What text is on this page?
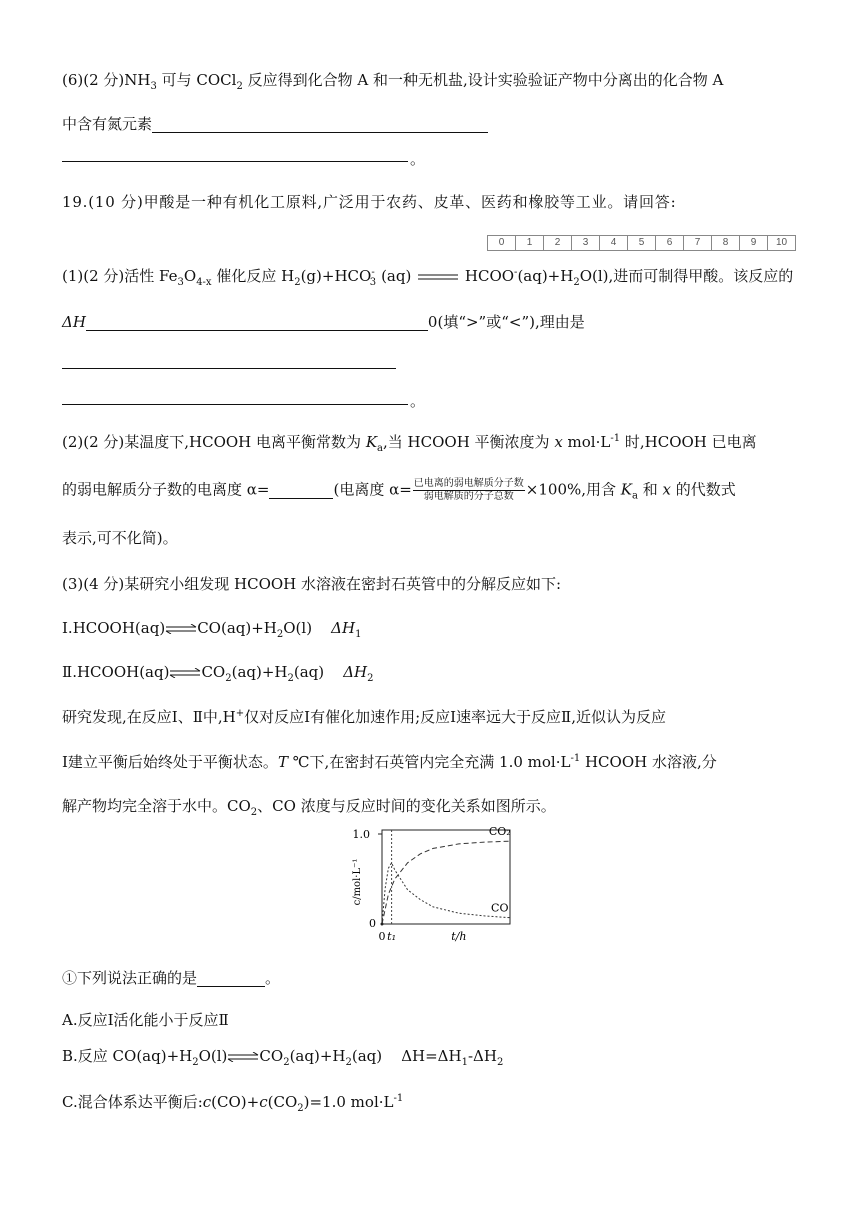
(6)(2 分)$NH_3$ 可与 COCl$_2$ 反应得到化合物 A 和一种无机盐,设计实验验证产物中分离出的化合物 A
中含有氮元素
。
19.(10 分)甲酸是一种有机化工原料,广泛用于农药、皮革、医药和橡胶等工业。请回答:
0	1	2	3	4	5	6	7	8	9	10
(1)(2 分)活性 $Fe_3O_{4-x}$ 催化反应 $H_2(g)+HCO^-_3$ (aq)	$HCOO^-(aq)+H_2O(l)$,进而可制得甲酸。该反应的
ΔH	0(填“>”或“<”),理由是
。
(2)(2 分)某温度下,HCOOH 电离平衡常数为 $K_a$,当 HCOOH 平衡浓度为 x $mol\cdot L^{-1}$ 时,HCOOH 已电离
的弱电解质分子数的电离度 α=	(电离度 $\alpha= \frac{\text{已电离的弱电解质分子数}}{\text{弱电解质的分子总数}} \times 100\%$,用含 $K_a$ 和 x 的代数式
表示,可不化简)。
(3)(4 分)某研究小组发现 HCOOH 水溶液在密封石英管中的分解反应如下:
$Ⅰ.HCOOH(aq)\rightleftharpoons CO(aq)+H_2O(l)$ $\Delta H_1$
$Ⅱ.HCOOH(aq)\rightleftharpoons CO_2(aq)+H_2(aq)$ $\Delta H_2$
研究发现,在反应Ⅰ、Ⅱ中,H+仅对反应Ⅰ有催化加速作用;反应Ⅰ速率远大于反应Ⅱ,近似认为反应
Ⅰ建立平衡后始终处于平衡状态。T ℃下,在密封石英管内完全充满 1.0 $mol\cdot L^{-1}$ HCOOH 水溶液,分
解产物均完全溶于水中。$CO_2$、CO 浓度与反应时间的变化关系如图所示。
1.0
0
0 t₁	t/h
c/mol·L⁻¹
CO₂
CO
①下列说法正确的是	。
A.反应Ⅰ活化能小于反应Ⅱ
B.反应 $CO(aq)+H_2O(l)\rightleftharpoons CO_2(aq)+H_2(aq)$ $\Delta H=\Delta H_1-\Delta H_2$
C.混合体系达平衡后$:c(CO)+c(CO_2)=1.0$ $mol\cdot L^{-1}$
